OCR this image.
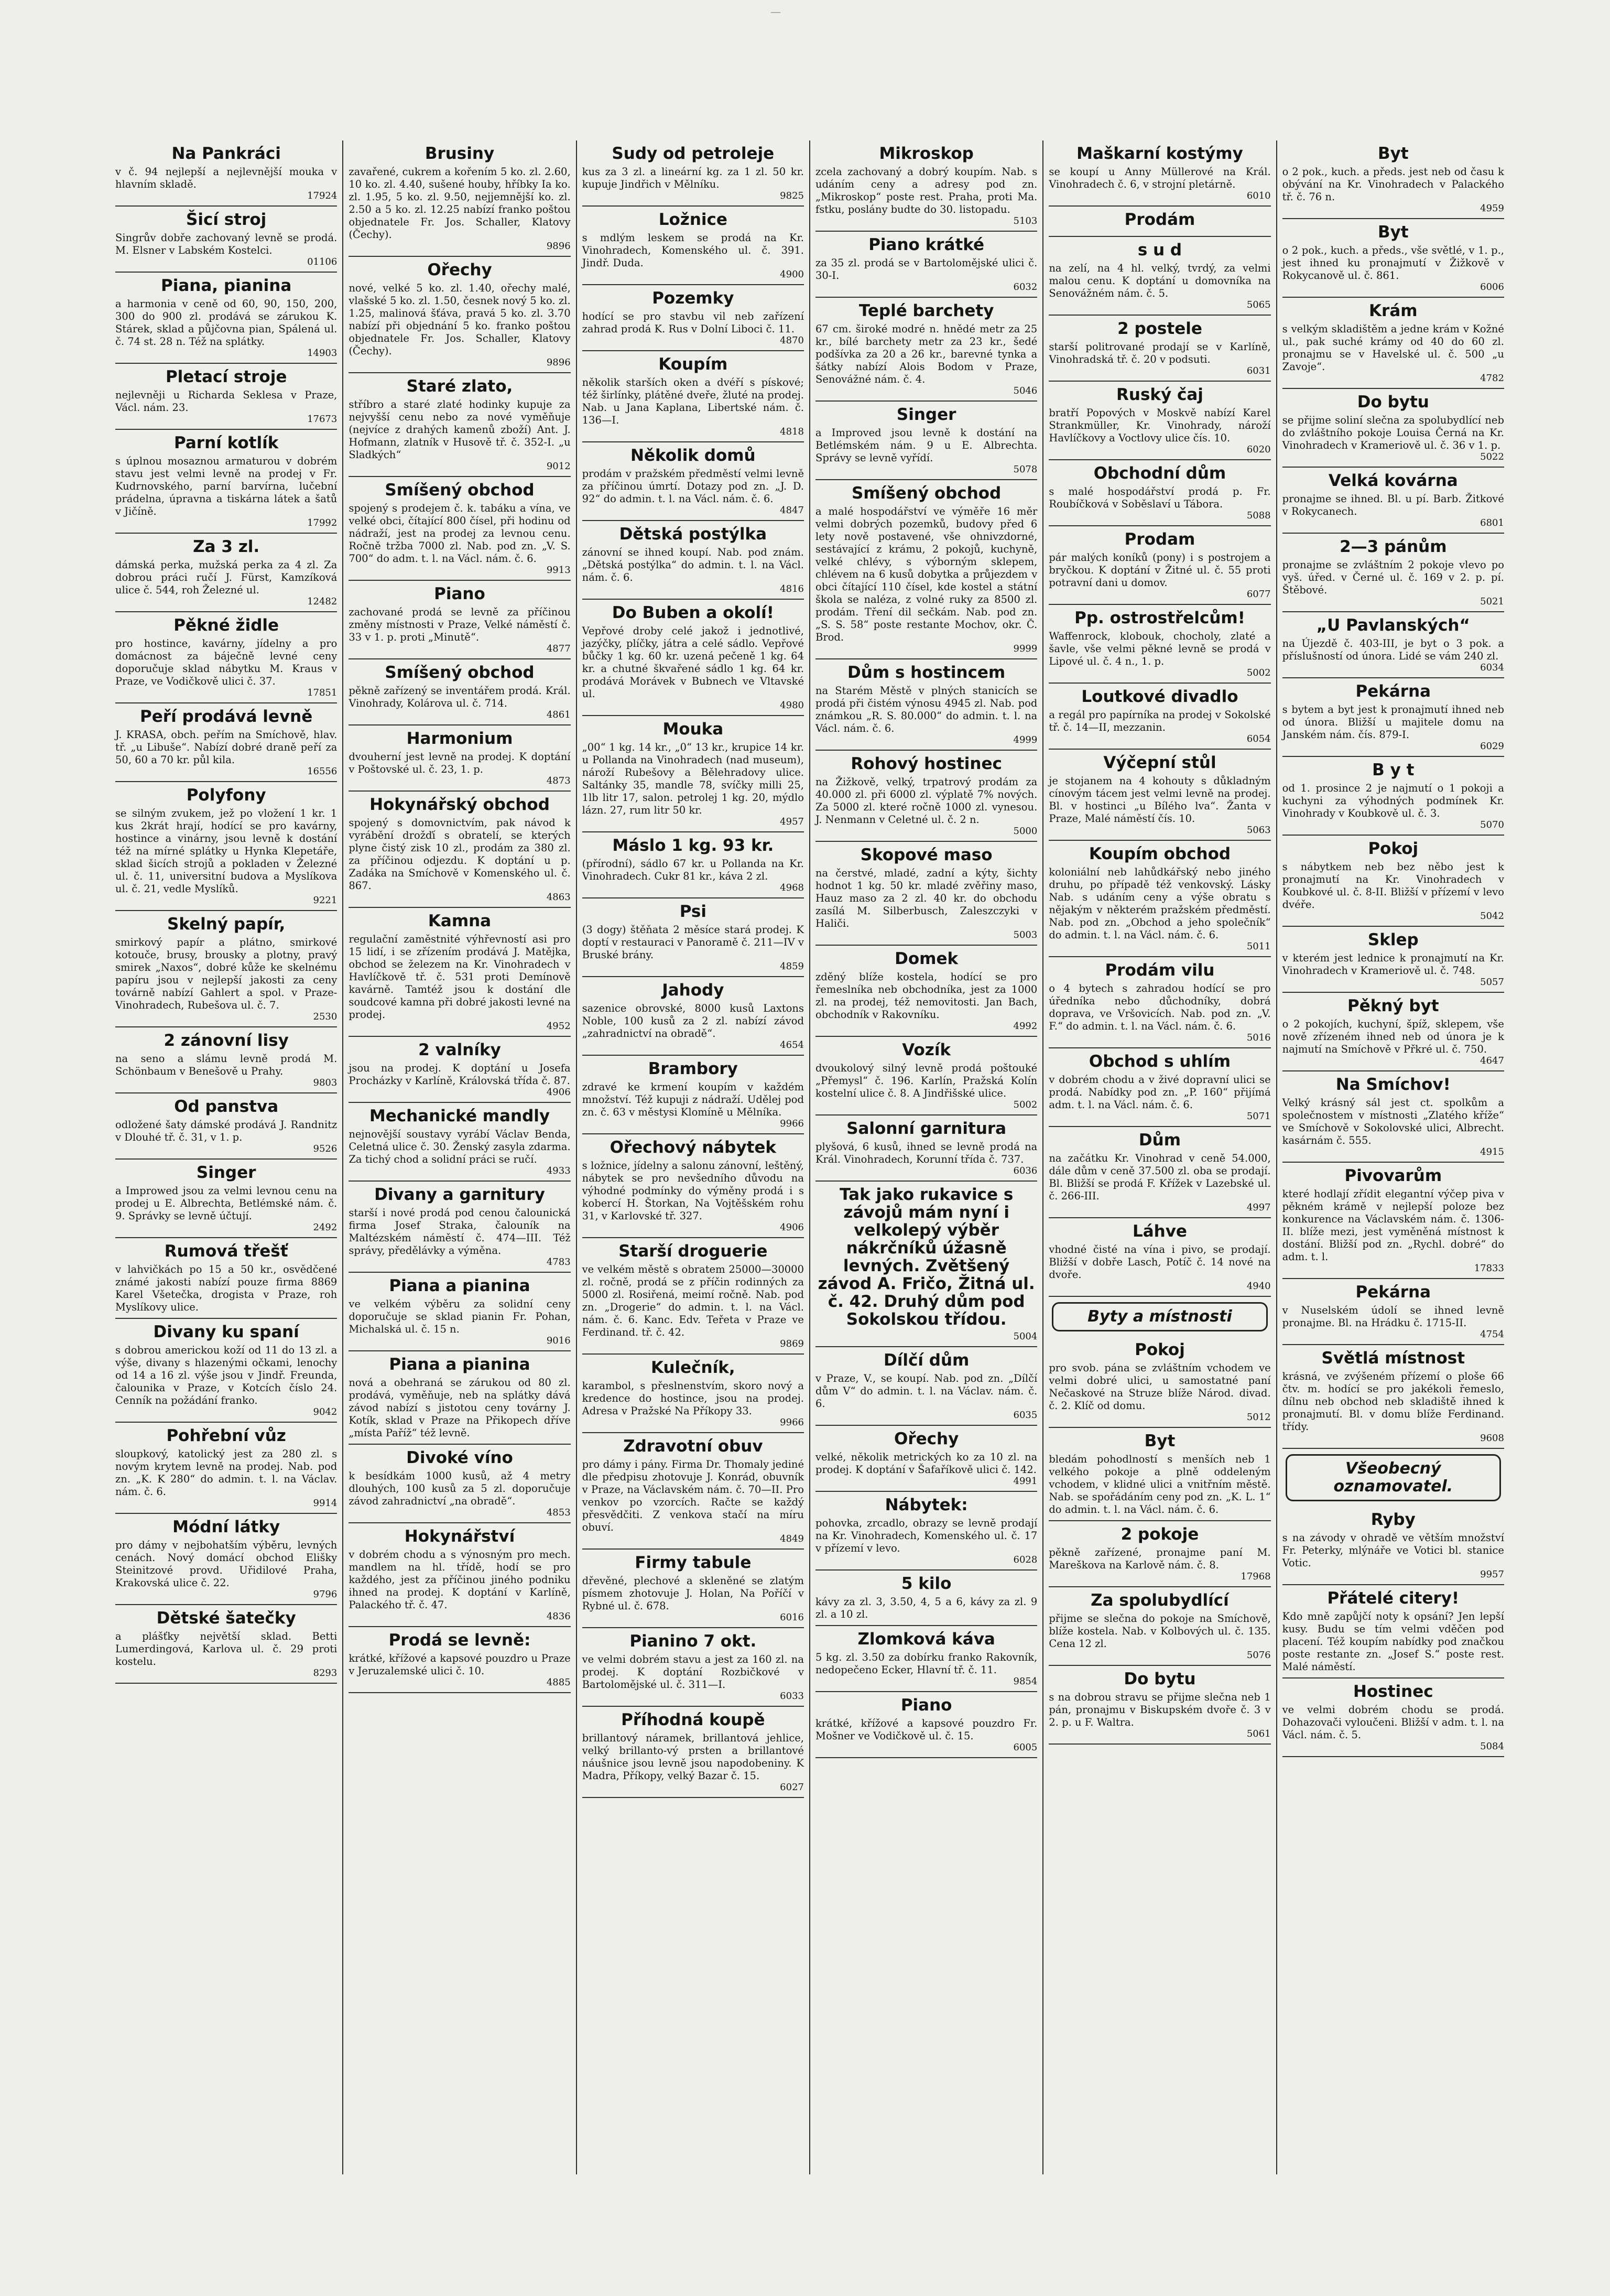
—
Na Pankráci

v č. 94 nejlepší a nejlevnější mouka v hlavním skladě.

17924
Šicí stroj

Singrův dobře zachovaný levně se prodá. M. Elsner v Labském Kostelci.

01106
Piana, pianina

a harmonia v ceně od 60, 90, 150, 200, 300 do 900 zl. prodává se zárukou K. Stárek, sklad a půjčovna pian, Spálená ul. č. 74 st. 28 n. Též na splátky.

14903
Pletací stroje

nejlevněji u Richarda Seklesa v Praze, Václ. nám. 23.

17673
Parní kotlík

s úplnou mosaznou armaturou v dobrém stavu jest velmi levně na prodej v Fr. Kudrnovského, parní barvírna, lučební prádelna, úpravna a tiskárna látek a šatů v Jičíně.

17992
Za 3 zl.

dámská perka, mužská perka za 4 zl. Za dobrou práci ručí J. Fürst, Kamzíková ulice č. 544, roh Železné ul.

12482
Pěkné židle

pro hostince, kavárny, jídelny a pro domácnost za báječně levné ceny doporučuje sklad nábytku M. Kraus v Praze, ve Vodičkově ulici č. 37.

17851
Peří prodává levně

J. KRASA, obch. peřím na Smíchově, hlav. tř. „u Libuše“. Nabízí dobré draně peří za 50, 60 a 70 kr. půl kila.

16556
Polyfony

se silným zvukem, jež po vložení 1 kr. 1 kus 2krát hrají, hodící se pro kavárny, hostince a vinárny, jsou levně k dostání též na mírné splátky u Hynka Klepetáře, sklad šicích strojů a pokladen v Železné ul. č. 11, universitní budova a Myslíkova ul. č. 21, vedle Myslíků.

9221
Skelný papír,

smirkový papír a plátno, smirkové kotouče, brusy, brousky a plotny, pravý smirek „Naxos“, dobré kůže ke skelnému papíru jsou v nejlepší jakosti za ceny továrně nabízí Gahlert a spol. v Praze-Vinohradech, Rubešova ul. č. 7.

2530
2 zánovní lisy

na seno a slámu levně prodá M. Schönbaum v Benešově u Prahy.

9803
Od panstva

odložené šaty dámské prodává J. Randnitz v Dlouhé tř. č. 31, v 1. p.

9526
Singer

a Improwed jsou za velmi levnou cenu na prodej u E. Albrechta, Betlémské nám. č. 9. Správky se levně účtují.

2492
Rumová třešť

v lahvičkách po 15 a 50 kr., osvědčené známé jakosti nabízí pouze firma 8869 Karel Všetečka, drogista v Praze, roh Myslíkovy ulice.

Divany ku spaní

s dobrou americkou koží od 11 do 13 zl. a výše, divany s hlazenými očkami, lenochy od 14 a 16 zl. výše jsou v Jindř. Freunda, čalounika v Praze, v Kotcích číslo 24. Cenník na požádání franko.

9042
Pohřební vůz

sloupkový, katolický jest za 280 zl. s novým krytem levně na prodej. Nab. pod zn. „K. K 280“ do admin. t. l. na Václav. nám. č. 6.

9914
Módní látky

pro dámy v nejbohatším výběru, levných cenách. Nový domácí obchod Elišky Steinitzové provd. Uřidilové Praha, Krakovská ulice č. 22.

9796
Dětské šatečky

a plášťky největší sklad. Betti Lumerdingová, Karlova ul. č. 29 proti kostelu.

8293
Brusiny

zavařené, cukrem a kořením 5 ko. zl. 2.60, 10 ko. zl. 4.40, sušené houby, hříbky Ia ko. zl. 1.95, 5 ko. zl. 9.50, nejjemnější ko. zl. 2.50 a 5 ko. zl. 12.25 nabízí franko poštou objednatele Fr. Jos. Schaller, Klatovy (Čechy).

9896
Ořechy

nové, velké 5 ko. zl. 1.40, ořechy malé, vlašské 5 ko. zl. 1.50, česnek nový 5 ko. zl. 1.25, malinová šťáva, pravá 5 ko. zl. 3.70 nabízí při objednání 5 ko. franko poštou objednatele Fr. Jos. Schaller, Klatovy (Čechy).

9896
Staré zlato,

stříbro a staré zlaté hodinky kupuje za nejvyšší cenu nebo za nové vyměňuje (nejvíce z drahých kamenů zboží) Ant. J. Hofmann, zlatník v Husově tř. č. 352-I. „u Sladkých“

9012
Smíšený obchod

spojený s prodejem č. k. tabáku a vína, ve velké obci, čítající 800 čísel, při hodinu od nádraží, jest na prodej za levnou cenu. Ročně tržba 7000 zl. Nab. pod zn. „V. S. 700“ do adm. t. l. na Václ. nám. č. 6.

9913
Piano

zachované prodá se levně za příčinou změny místnosti v Praze, Velké náměstí č. 33 v 1. p. proti „Minutě“.

4877
Smíšený obchod

pěkně zařízený se inventářem prodá. Král. Vinohrady, Kolárova ul. č. 714.

4861
Harmonium

dvouherní jest levně na prodej. K doptání v Poštovské ul. č. 23, 1. p.

4873
Hokynářský obchod

spojený s domovnictvím, pak návod k vyrábění drožďí s obratelí, se kterých plyne čistý zisk 10 zl., prodám za 380 zl. za příčinou odjezdu. K doptání u p. Zadáka na Smíchově v Komenského ul. č. 867.

4863
Kamna

regulační zaměstnité výhřevností asi pro 15 lidí, i se zřízením prodává J. Matějka, obchod se železem na Kr. Vinohradech v Havlíčkově tř. č. 531 proti Demínově kavárně. Tamtéž jsou k dostání dle soudcové kamna při dobré jakosti levné na prodej.

4952
2 valníky

jsou na prodej. K doptání u Josefa Procházky v Karlíně, Královská třída č. 87.

4906
Mechanické mandly

nejnovější soustavy vyrábí Václav Benda, Celetná ulice č. 30. Ženský zasyla zdarma. Za tichý chod a solidní práci se ručí.

4933
Divany a garnitury

starší i nové prodá pod cenou čalounická firma Josef Straka, čalouník na Maltézském náměstí č. 474—III. Též správy, předělávky a výměna.

4783
Piana a pianina

ve velkém výběru za solidní ceny doporučuje se sklad pianin Fr. Pohan, Michalská ul. č. 15 n.

9016
Piana a pianina

nová a obehraná se zárukou od 80 zl. prodává, vyměňuje, neb na splátky dává závod nabízí s jistotou ceny továrny J. Kotík, sklad v Praze na Přikopech dříve „místa Paříž“ též levně.

Divoké víno

k besídkám 1000 kusů, až 4 metry dlouhých, 100 kusů za 5 zl. doporučuje závod zahradnictví „na obradě“.

4853
Hokynářství

v dobrém chodu a s výnosným pro mech. mandlem na hl. třídě, hodí se pro každého, jest za příčinou jiného podniku ihned na prodej. K doptání v Karlíně, Palackého tř. č. 47.

4836
Prodá se levně:

krátké, křížové a kapsové pouzdro u Praze v Jeruzalemské ulici č. 10.

4885
Sudy od petroleje

kus za 3 zl. a lineární kg. za 1 zl. 50 kr. kupuje Jindřich v Mělníku.

9825
Ložnice

s mdlým leskem se prodá na Kr. Vinohradech, Komenského ul. č. 391. Jindř. Duda.

4900
Pozemky

hodící se pro stavbu vil neb zařízení zahrad prodá K. Rus v Dolní Liboci č. 11.

4870
Koupím

několik starších oken a dvéří s pískové; též širlínky, plátěné dveře, žluté na prodej. Nab. u Jana Kaplana, Libertské nám. č. 136—I.

4818
Několik domů

prodám v pražském předměstí velmi levně za příčinou úmrtí. Dotazy pod zn. „J. D. 92“ do admin. t. l. na Václ. nám. č. 6.

4847
Dětská postýlka

zánovní se ihned koupí. Nab. pod znám. „Dětská postýlka“ do admin. t. l. na Václ. nám. č. 6.

4816
Do Buben a okolí!

Vepřové droby celé jakož i jednotlivé, jazýčky, plíčky, játra a celé sádlo. Vepřové bůčky 1 kg. 60 kr. uzená pečeně 1 kg. 64 kr. a chutné škvařené sádlo 1 kg. 64 kr. prodává Morávek v Bubnech ve Vltavské ul.

4980
Mouka

„00“ 1 kg. 14 kr., „0“ 13 kr., krupice 14 kr. u Pollanda na Vinohradech (nad museum), nároží Rubešovy a Bělehradovy ulice. Saltánky 35, mandle 78, svíčky milli 25, 1lb litr 17, salon. petrolej 1 kg. 20, mýdlo lázn. 27, rum litr 50 kr.

4957
Máslo 1 kg. 93 kr.

(přírodní), sádlo 67 kr. u Pollanda na Kr. Vinohradech. Cukr 81 kr., káva 2 zl.

4968
Psi

(3 dogy) štěňata 2 měsíce stará prodej. K doptí v restauraci v Panoramě č. 211—IV v Bruské brány.

4859
Jahody

sazenice obrovské, 8000 kusů Laxtons Noble, 100 kusů za 2 zl. nabízí závod „zahradnictví na obradě“.

4654
Brambory

zdravé ke krmení koupím v každém množství. Též kupuji z nádraží. Udělej pod zn. č. 63 v městysi Klomíně u Mělníka.

9966
Ořechový nábytek

s ložnice, jídelny a salonu zánovní, leštěný, nábytek se pro nevšedního důvodu na výhodné podmínky do výměny prodá i s kobercí H. Štorkan, Na Vojtěšském rohu 31, v Karlovské tř. 327.

4906
Starší droguerie

ve velkém městě s obratem 25000—30000 zl. ročně, prodá se z příčin rodinných za 5000 zl. Rosiřená, meimí ročně. Nab. pod zn. „Drogerie“ do admin. t. l. na Václ. nám. č. 6. Kanc. Edv. Teřeta v Praze ve Ferdinand. tř. č. 42.

9869
Kulečník,

karambol, s přeslnenstvím, skoro nový a kredence do hostince, jsou na prodej. Adresa v Pražské Na Příkopy 33.

9966
Zdravotní obuv

pro dámy i pány. Firma Dr. Thomaly jediné dle předpisu zhotovuje J. Konrád, obuvník v Praze, na Václavském nám. č. 70—II. Pro venkov po vzorcích. Račte se každý přesvědčiti. Z venkova stačí na míru obuví.

4849
Firmy tabule

dřevěné, plechové a skleněné se zlatým písmem zhotovuje J. Holan, Na Poříčí v Rybné ul. č. 678.

6016
Pianino 7 okt.

ve velmi dobrém stavu a jest za 160 zl. na prodej. K doptání Rozbičkové v Bartolomějské ul. č. 311—I.

6033
Příhodná koupě

brillantový náramek, brillantová jehlice, velký brillanto-vý prsten a brillantové náušnice jsou levně jsou napodobeniny. K Madra, Příkopy, velký Bazar č. 15.

6027
Mikroskop

zcela zachovaný a dobrý koupím. Nab. s udáním ceny a adresy pod zn. „Mikroskop“ poste rest. Praha, proti Ma. fstku, poslány budte do 30. listopadu.

5103
Piano krátké

za 35 zl. prodá se v Bartolomějské ulici č. 30-I.

6032
Teplé barchety

67 cm. široké modré n. hnědé metr za 25 kr., bílé barchety metr za 23 kr., šedé podšívka za 20 a 26 kr., barevné tynka a šátky nabízí Alois Bodom v Praze, Senovážné nám. č. 4.

5046
Singer

a Improved jsou levně k dostání na Betlémském nám. 9 u E. Albrechta. Správy se levně vyřídí.

5078
Smíšený obchod

a malé hospodářství ve výměře 16 měr velmi dobrých pozemků, budovy před 6 lety nově postavené, vše ohnivzdorné, sestávající z krámu, 2 pokojů, kuchyně, velké chlévy, s výborným sklepem, chlévem na 6 kusů dobytka a průjezdem v obci čítající 110 čísel, kde kostel a státní škola se naléza, z volné ruky za 8500 zl. prodám. Tření dil sečkám. Nab. pod zn. „S. S. 58“ poste restante Mochov, okr. Č. Brod.

9999
Dům s hostincem

na Starém Městě v plných stanicích se prodá při čistém výnosu 4945 zl. Nab. pod známkou „R. S. 80.000“ do admin. t. l. na Václ. nám. č. 6.

4999
Rohový hostinec

na Žižkově, velký, trpatrový prodám za 40.000 zl. při 6000 zl. výplatě 7% nových. Za 5000 zl. které ročně 1000 zl. vynesou. J. Nenmann v Celetné ul. č. 2 n.

5000
Skopové maso

na čerstvé, mladé, zadní a kýty, šichty hodnot 1 kg. 50 kr. mladé zvěřiny maso, Hauz maso za 2 zl. 40 kr. do obchodu zasílá M. Silberbusch, Zaleszczyki v Haliči.

5003
Domek

zděný blíže kostela, hodící se pro řemeslníka neb obchodníka, jest za 1000 zl. na prodej, též nemovitosti. Jan Bach, obchodník v Rakovníku.

4992
Vozík

dvoukolový silný levně prodá poštouké „Přemysl“ č. 196. Karlín, Pražská Kolín kostelní ulice č. 8. A Jindřišské ulice.

5002
Salonní garnitura

plyšová, 6 kusů, ihned se levně prodá na Král. Vinohradech, Korunní třída č. 737.

6036
Tak jako rukavice s závojů mám nyní i velkolepý výběr nákrčníků úžasně levných. Zvětšený závod A. Fričo, Žitná ul. č. 42. Druhý dům pod Sokolskou třídou.
5004
Dílčí dům

v Praze, V., se koupí. Nab. pod zn. „Dílčí dům V“ do admin. t. l. na Václav. nám. č. 6.

6035
Ořechy

velké, několik metrických ko za 10 zl. na prodej. K doptání v Šafaříkově ulici č. 142.

4991
Nábytek:

pohovka, zrcadlo, obrazy se levně prodají na Kr. Vinohradech, Komenského ul. č. 17 v přízemí v levo.

6028
5 kilo

kávy za zl. 3, 3.50, 4, 5 a 6, kávy za zl. 9 zl. a 10 zl.

Zlomková káva

5 kg. zl. 3.50 za dobírku franko Rakovník, nedopečeno Ecker, Hlavní tř. č. 11.

9854
Piano

krátké, křížové a kapsové pouzdro Fr. Mošner ve Vodičkově ul. č. 15.

6005
Maškarní kostýmy

se koupí u Anny Müllerové na Král. Vinohradech č. 6, v strojní pletárně.

6010
Prodám
s u d

na zelí, na 4 hl. velký, tvrdý, za velmi malou cenu. K doptání u domovníka na Senovážném nám. č. 5.

5065
2 postele

starší politrované prodají se v Karlíně, Vinohradská tř. č. 20 v podsuti.

6031
Ruský čaj

bratří Popových v Moskvě nabízí Karel Strankmüller, Kr. Vinohrady, nároží Havlíčkovy a Voctlovy ulice čís. 10.

6020
Obchodní dům

s malé hospodářství prodá p. Fr. Roubíčková v Soběslaví u Tábora.

5088
Prodam

pár malých koníků (pony) i s postrojem a bryčkou. K doptání v Žitné ul. č. 55 proti potravní dani u domov.

6077
Pp. ostrostřelcům!

Waffenrock, klobouk, chocholy, zlaté a šavle, vše velmi pěkné levně se prodá v Lipové ul. č. 4 n., 1. p.

5002
Loutkové divadlo

a regál pro papírníka na prodej v Sokolské tř. č. 14—II, mezzanin.

6054
Výčepní stůl

je stojanem na 4 kohouty s důkladným cínovým tácem jest velmi levně na prodej. Bl. v hostinci „u Bílého lva“. Žanta v Praze, Malé náměstí čís. 10.

5063
Koupím obchod

koloniální neb lahůdkářský nebo jiného druhu, po případě též venkovský. Lásky Nab. s udáním ceny a výše obratu s nějakým v některém pražském předměstí. Nab. pod zn. „Obchod a jeho společník“ do admin. t. l. na Václ. nám. č. 6.

5011
Prodám vilu

o 4 bytech s zahradou hodící se pro úředníka nebo důchodníky, dobrá doprava, ve Vršovicích. Nab. pod zn. „V. F.“ do admin. t. l. na Václ. nám. č. 6.

5016
Obchod s uhlím

v dobrém chodu a v živé dopravní ulici se prodá. Nabídky pod zn. „P. 160“ přijímá adm. t. l. na Václ. nám. č. 6.

5071
Dům

na začátku Kr. Vinohrad v ceně 54.000, dále dům v ceně 37.500 zl. oba se prodají. Bl. Bližší se prodá F. Křížek v Lazebské ul. č. 266-III.

4997
Láhve

vhodné čisté na vína i pivo, se prodají. Bližší v dobře Lasch, Potíč č. 14 nové na dvoře.

4940
Byty a místnosti
Pokoj

pro svob. pána se zvláštním vchodem ve velmi dobré ulici, u samostatné paní Nečaskové na Struze blíže Národ. divad. č. 2. Klíč od domu.

5012
Byt

bledám pohodlností s menších neb 1 velkého pokoje a plně oddeleným vchodem, v klidné ulici a vnitřním městě. Nab. se spořádáním ceny pod zn. „K. L. 1“ do admin. t. l. na Václ. nám. č. 6.

2 pokoje

pěkně zařízené, pronajme paní M. Mareškova na Karlově nám. č. 8.

17968
Za spolubydlící

přijme se slečna do pokoje na Smíchově, blíže kostela. Nab. v Kolbových ul. č. 135. Cena 12 zl.

5076
Do bytu

s na dobrou stravu se přijme slečna neb 1 pán, pronajmu v Biskupském dvoře č. 3 v 2. p. u F. Waltra.

5061
Byt

o 2 pok., kuch. a předs. jest neb od času k obývání na Kr. Vinohradech v Palackého tř. č. 76 n.

4959
Byt

o 2 pok., kuch. a předs., vše světlé, v 1. p., jest ihned ku pronajmutí v Žižkově v Rokycanově ul. č. 861.

6006
Krám

s velkým skladištěm a jedne krám v Kožné ul., pak suché krámy od 40 do 60 zl. pronajmu se v Havelské ul. č. 500 „u Zavoje“.

4782
Do bytu

se přijme soliní slečna za spolubydlící neb do zvláštního pokoje Louisa Černá na Kr. Vinohradech v Krameriově ul. č. 36 v 1. p.

5022
Velká kovárna

pronajme se ihned. Bl. u pí. Barb. Žitkové v Rokycanech.

6801
2—3 pánům

pronajme se zvláštním 2 pokoje vlevo po vyš. úřed. v Černé ul. č. 169 v 2. p. pí. Štěbové.

5021
„U Pavlanských“

na Újezdě č. 403-III, je byt o 3 pok. a příslušností od února. Lidé se vám 240 zl.

6034
Pekárna

s bytem a byt jest k pronajmutí ihned neb od února. Bližší u majitele domu na Janském nám. čís. 879-I.

6029
B y t

od 1. prosince 2 je najmutí o 1 pokoji a kuchyni za výhodných podmínek Kr. Vinohrady v Koubkově ul. č. 3.

5070
Pokoj

s nábytkem neb bez něbo jest k pronajmutí na Kr. Vinohradech v Koubkové ul. č. 8-II. Bližší v přízemí v levo dvéře.

5042
Sklep

v kterém jest lednice k pronajmutí na Kr. Vinohradech v Krameriově ul. č. 748.

5057
Pěkný byt

o 2 pokojích, kuchyní, špíž, sklepem, vše nově zřízeném ihned neb od února je k najmutí na Smíchově v Přkré ul. č. 750.

4647
Na Smíchov!

Velký krásný sál jest ct. spolkům a společnostem v místnosti „Zlatého kříže“ ve Smíchově v Sokolovské ulici, Albrecht. kasárnám č. 555.

4915
Pivovarům

které hodlají zřídit elegantní výčep piva v pěkném krámě v nejlepší poloze bez konkurence na Václavském nám. č. 1306-II. blíže mezi, jest vyměněná místnost k dostání. Bližší pod zn. „Rychl. dobré“ do adm. t. l.

17833
Pekárna

v Nuselském údolí se ihned levně pronajme. Bl. na Hrádku č. 1715-II.

4754
Světlá místnost

krásná, ve zvýšeném přízemí o ploše 66 čtv. m. hodící se pro jakékoli řemeslo, dílnu neb obchod neb skladiště ihned k pronajmutí. Bl. v domu blíže Ferdinand. třídy.

9608
Všeobecný oznamovatel.
Ryby

s na závody v ohradě ve větším množství Fr. Peterky, mlýnáře ve Votici bl. stanice Votic.

9957
Přátelé citery!

Kdo mně zapůjčí noty k opsání? Jen lepší kusy. Budu se tím velmi vděčen pod placení. Též koupím nabídky pod značkou poste restante zn. „Josef S.“ poste rest. Malé náměstí.

Hostinec

ve velmi dobrém chodu se prodá. Dohazovači vyloučeni. Bližší v adm. t. l. na Václ. nám. č. 5.

5084
